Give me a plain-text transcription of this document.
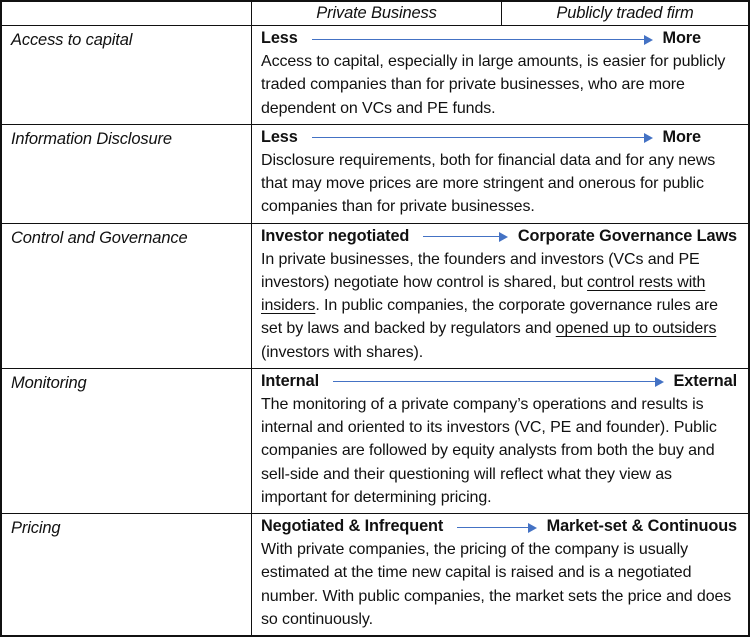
Private Business	Publicly traded firm
Access to capital	Less	More
Access to capital, especially in large amounts, is easier for publicly traded companies than for private businesses, who are more dependent on VCs and PE funds.
Information Disclosure	Less	More
Disclosure requirements, both for financial data and for any news that may move prices are more stringent and onerous for public companies than for private businesses.
Control and Governance	Investor negotiated	Corporate Governance Laws
In private businesses, the founders and investors (VCs and PE investors) negotiate how control is shared, but control rests with insiders. In public companies, the corporate governance rules are set by laws and backed by regulators and opened up to outsiders (investors with shares).
Monitoring	Internal	External
The monitoring of a private company’s operations and results is internal and oriented to its investors (VC, PE and founder). Public companies are followed by equity analysts from both the buy and sell-side and their questioning will reflect what they view as important for determining pricing.
Pricing	Negotiated & Infrequent	Market-set & Continuous
With private companies, the pricing of the company is usually estimated at the time new capital is raised and is a negotiated number. With public companies, the market sets the price and does so continuously.
